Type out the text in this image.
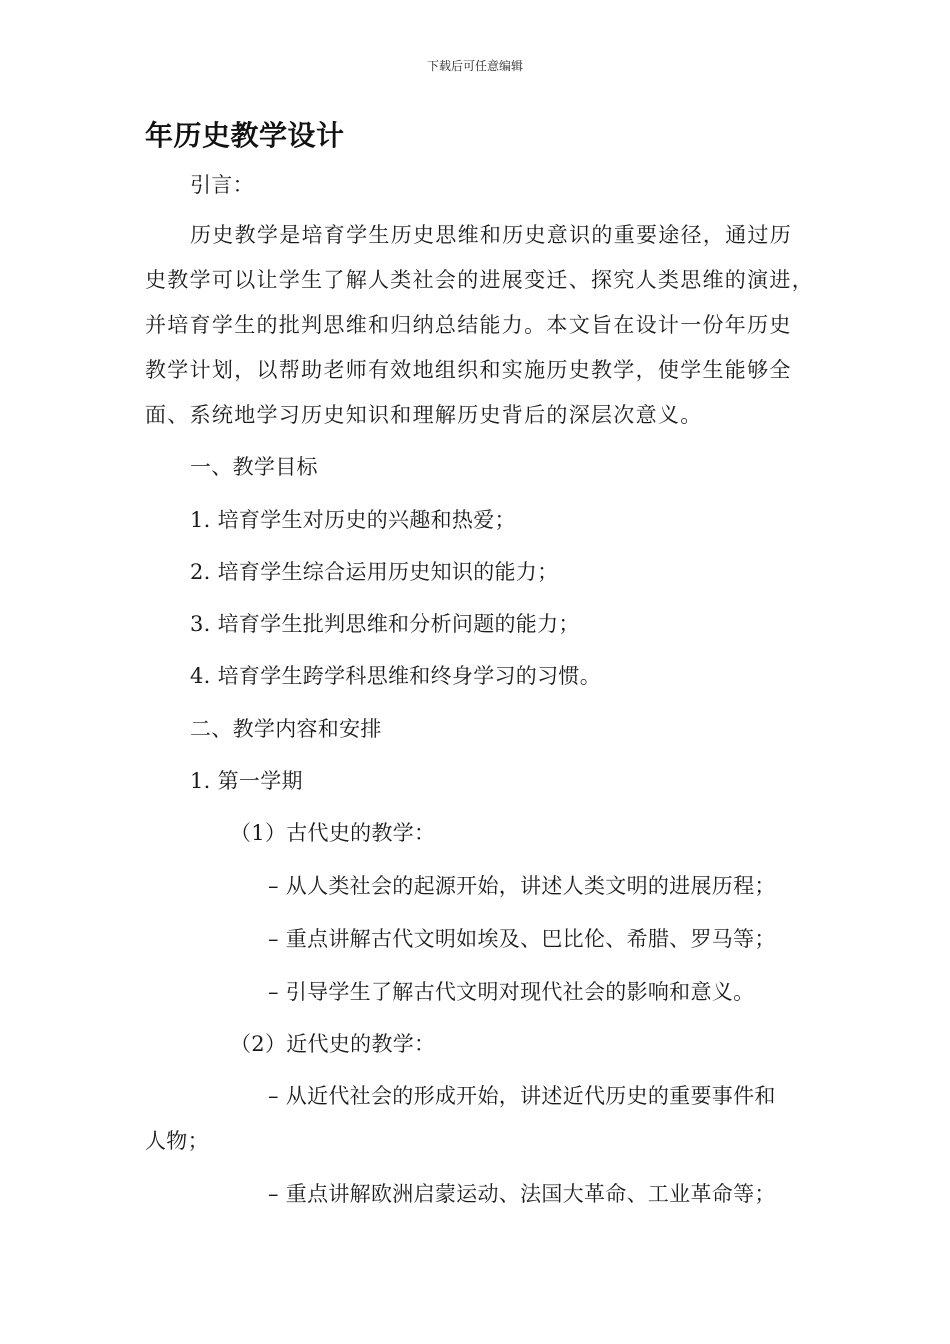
下载后可任意编辑
年历史教学设计
引言：
历史教学是培育学生历史思维和历史意识的重要途径，通过历
史教学可以让学生了解人类社会的进展变迁、探究人类思维的演进，
并培育学生的批判思维和归纳总结能力。本文旨在设计一份年历史
教学计划，以帮助老师有效地组织和实施历史教学，使学生能够全
面、系统地学习历史知识和理解历史背后的深层次意义。
一、教学目标
1. 培育学生对历史的兴趣和热爱；
2. 培育学生综合运用历史知识的能力；
3. 培育学生批判思维和分析问题的能力；
4. 培育学生跨学科思维和终身学习的习惯。
二、教学内容和安排
1. 第一学期
（1）古代史的教学：
– 从人类社会的起源开始，讲述人类文明的进展历程；
– 重点讲解古代文明如埃及、巴比伦、希腊、罗马等；
– 引导学生了解古代文明对现代社会的影响和意义。
（2）近代史的教学：
– 从近代社会的形成开始，讲述近代历史的重要事件和
人物；
– 重点讲解欧洲启蒙运动、法国大革命、工业革命等；
